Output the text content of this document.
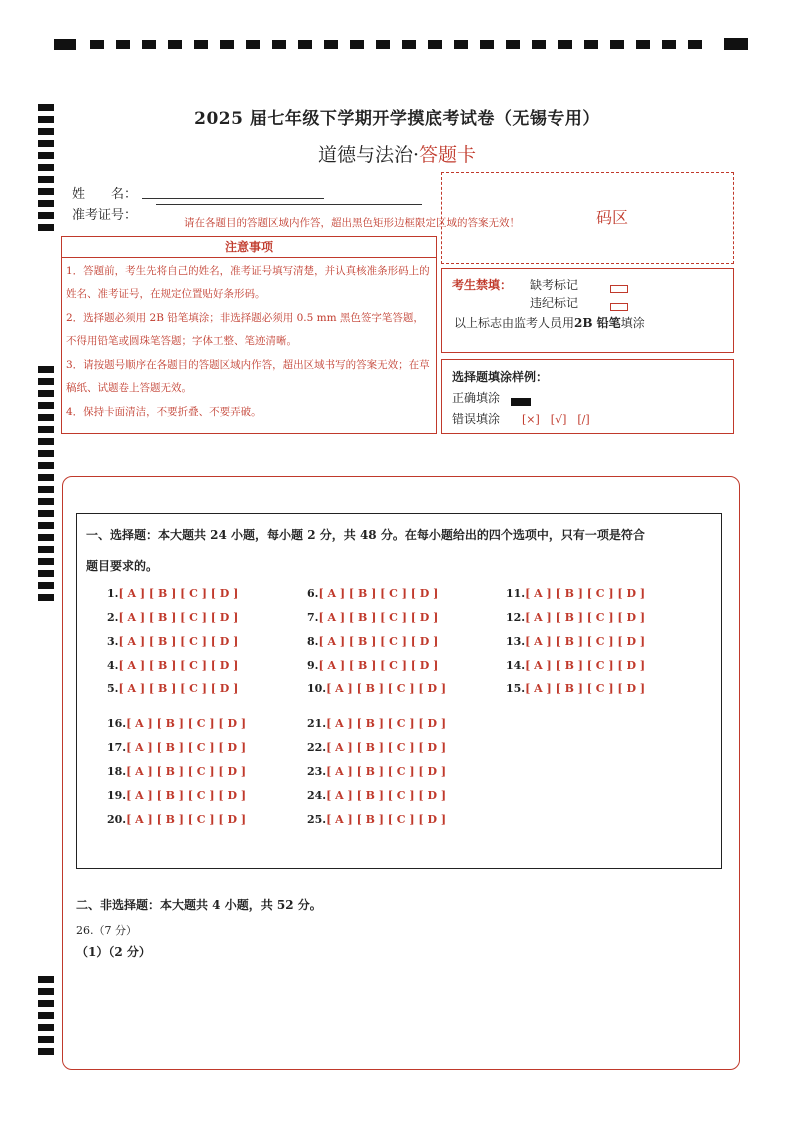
2025 届七年级下学期开学摸底考试卷（无锡专用）
道德与法治·答题卡
姓　　名：
准考证号：	请在各题目的答题区域内作答，超出黑色矩形边框限定区域的答案无效！	码区
注意事项
1．答题前，考生先将自己的姓名，准考证号填写清楚，并认真核准条形码上的姓名、准考证号，在规定位置贴好条形码。
2．选择题必须用 2B 铅笔填涂；非选择题必须用 0.5 mm 黑色签字笔答题，不得用铅笔或圆珠笔答题；字体工整、笔迹清晰。
3．请按题号顺序在各题目的答题区域内作答，超出区域书写的答案无效；在草稿纸、试题卷上答题无效。
4．保持卡面清洁，不要折叠、不要弄破。
考生禁填： 缺考标记
违纪标记
以上标志由监考人员用2B 铅笔填涂
选择题填涂样例：
正确填涂
错误填涂 [×]　[√]　[/]
一、选择题：本大题共 24 小题，每小题 2 分，共 48 分。在每小题给出的四个选项中，只有一项是符合
题目要求的。
1.[ A ] [ B ] [ C ] [ D ]
2.[ A ] [ B ] [ C ] [ D ]
3.[ A ] [ B ] [ C ] [ D ]
4.[ A ] [ B ] [ C ] [ D ]
5.[ A ] [ B ] [ C ] [ D ]
6.[ A ] [ B ] [ C ] [ D ]
7.[ A ] [ B ] [ C ] [ D ]
8.[ A ] [ B ] [ C ] [ D ]
9.[ A ] [ B ] [ C ] [ D ]
10.[ A ] [ B ] [ C ] [ D ]
11.[ A ] [ B ] [ C ] [ D ]
12.[ A ] [ B ] [ C ] [ D ]
13.[ A ] [ B ] [ C ] [ D ]
14.[ A ] [ B ] [ C ] [ D ]
15.[ A ] [ B ] [ C ] [ D ]
16.[ A ] [ B ] [ C ] [ D ]
17.[ A ] [ B ] [ C ] [ D ]
18.[ A ] [ B ] [ C ] [ D ]
19.[ A ] [ B ] [ C ] [ D ]
20.[ A ] [ B ] [ C ] [ D ]
21.[ A ] [ B ] [ C ] [ D ]
22.[ A ] [ B ] [ C ] [ D ]
23.[ A ] [ B ] [ C ] [ D ]
24.[ A ] [ B ] [ C ] [ D ]
25.[ A ] [ B ] [ C ] [ D ]
二、非选择题：本大题共 4 小题，共 52 分。
26.（7 分）
（1）（2 分）
